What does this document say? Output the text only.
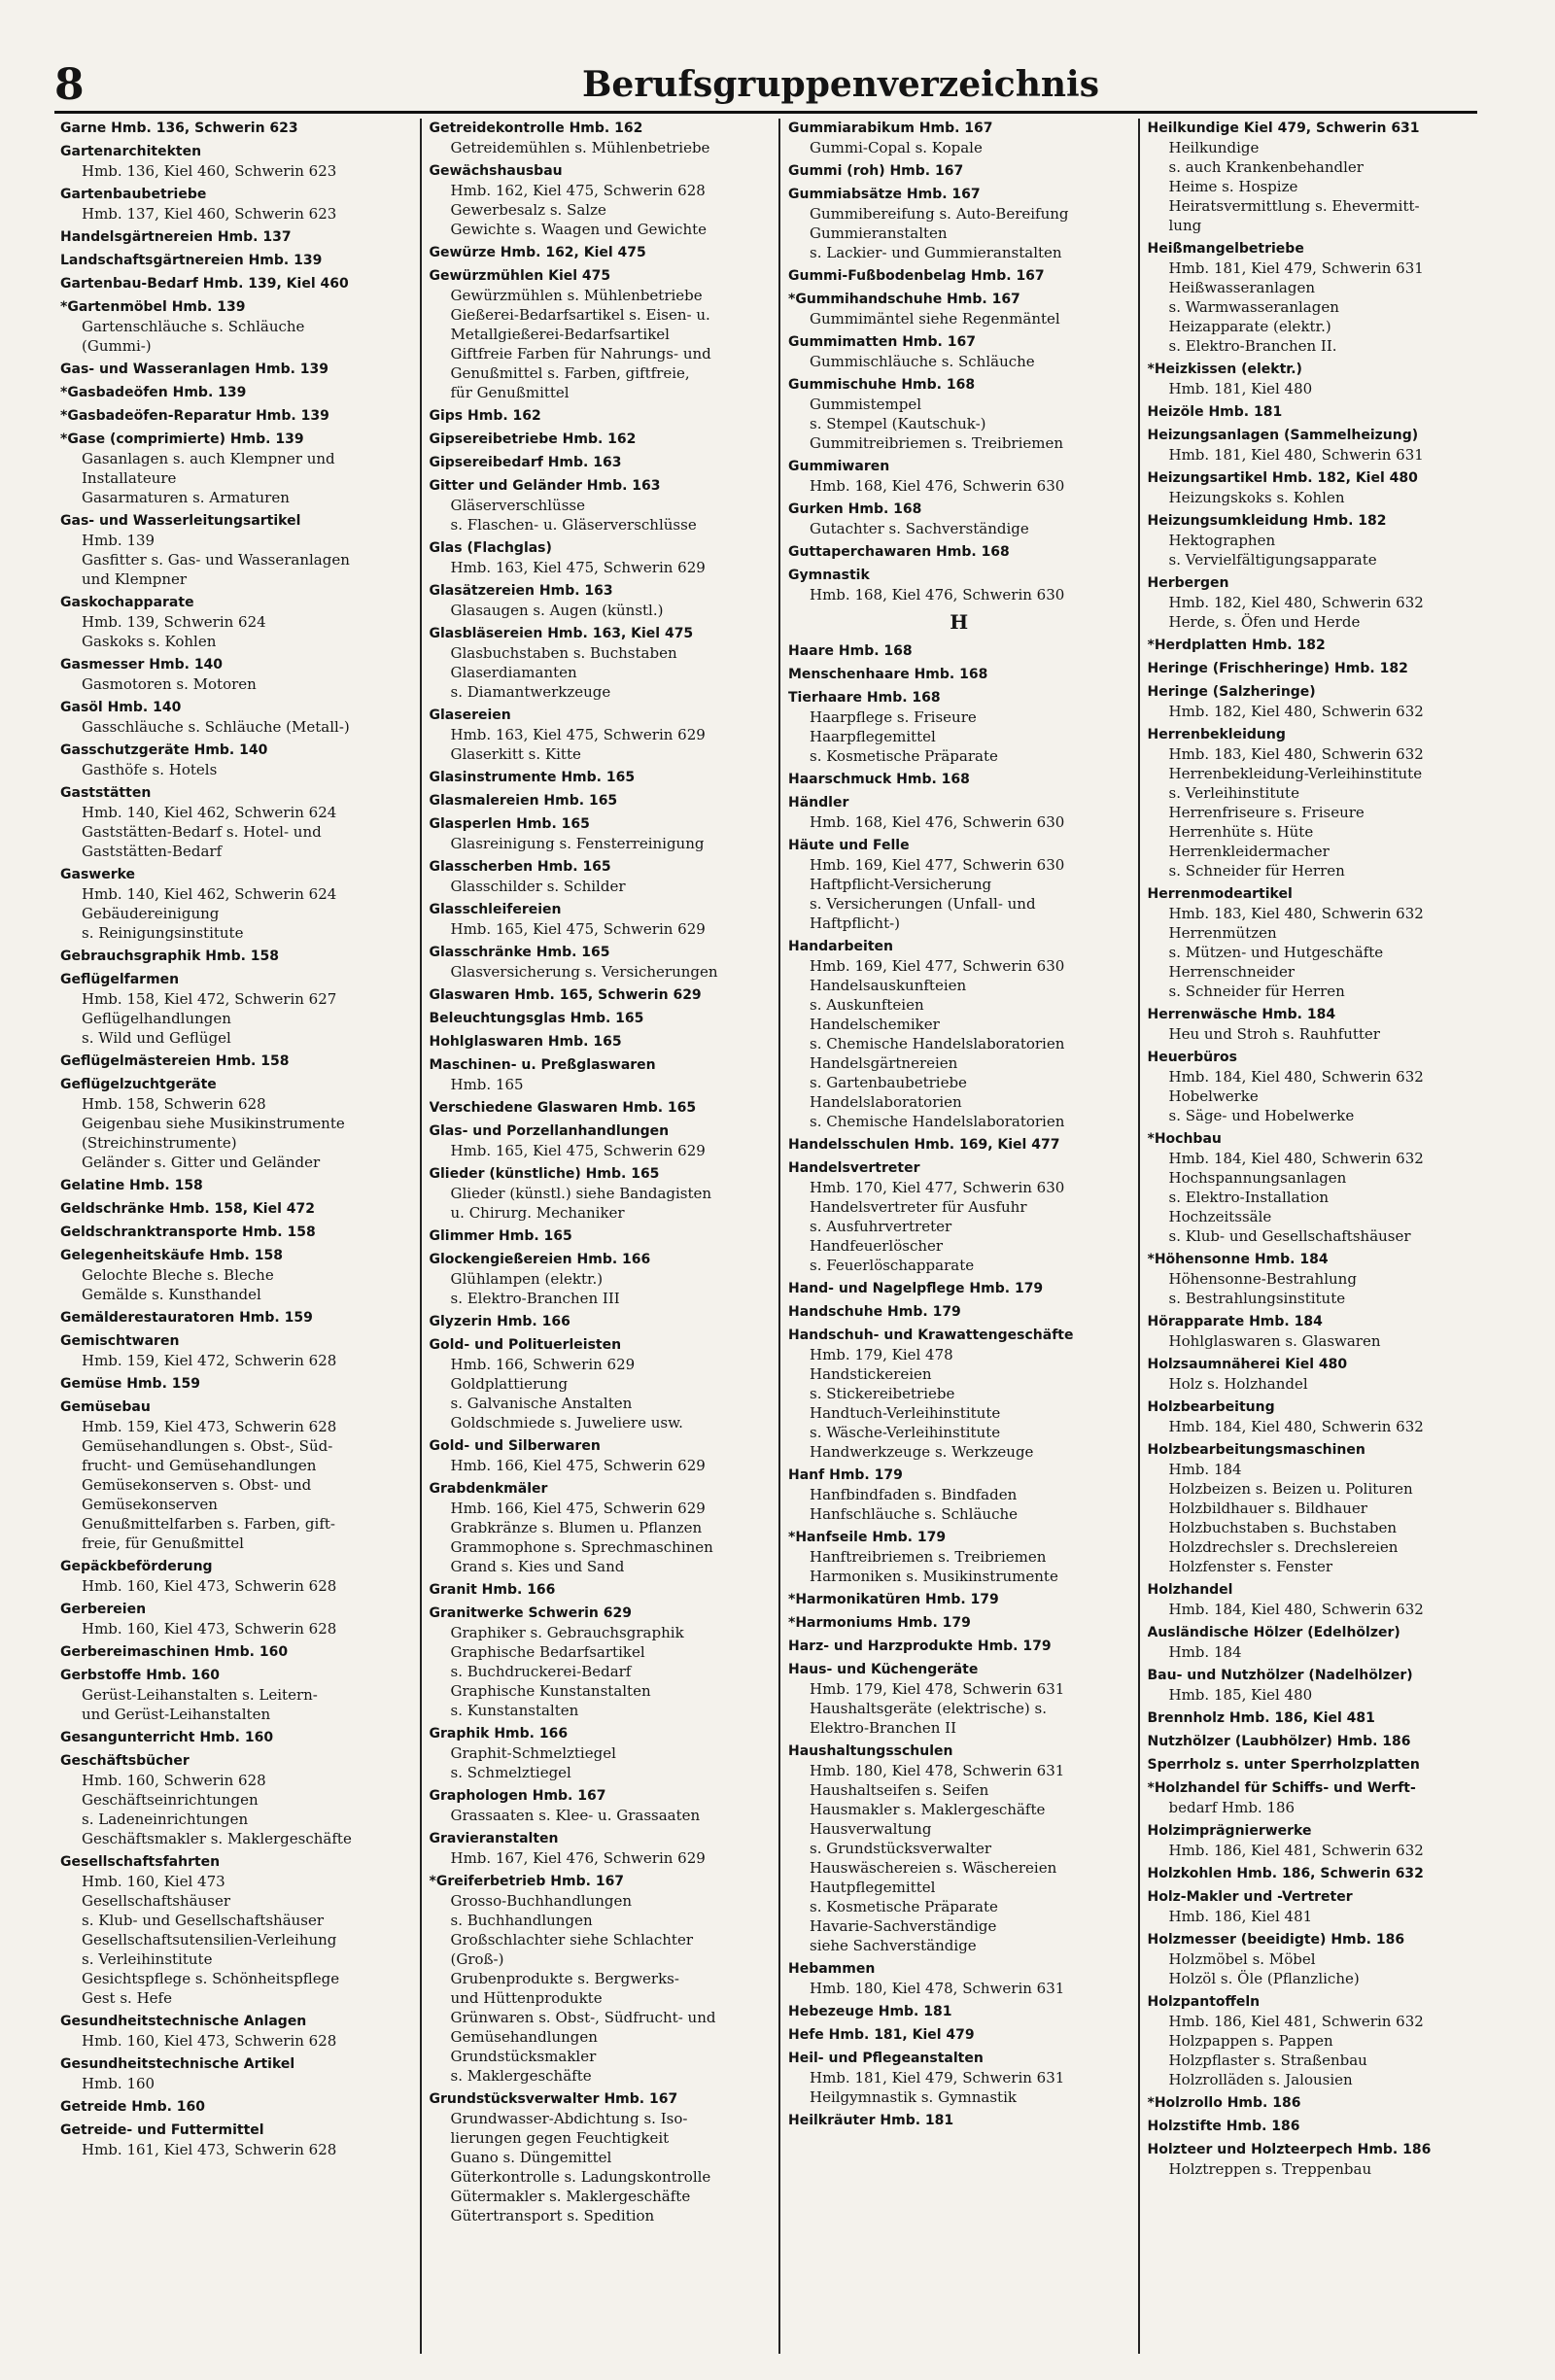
8	Berufsgruppenverzeichnis
Garne Hmb. 136, Schwerin 623
Gartenarchitekten
Hmb. 136, Kiel 460, Schwerin 623
Gartenbaubetriebe
Hmb. 137, Kiel 460, Schwerin 623
Handelsgärtnereien Hmb. 137
Landschaftsgärtnereien Hmb. 139
Gartenbau-Bedarf Hmb. 139, Kiel 460
*Gartenmöbel Hmb. 139
Gartenschläuche s. Schläuche
(Gummi-)
Gas- und Wasseranlagen Hmb. 139
*Gasbadeöfen Hmb. 139
*Gasbadeöfen-Reparatur Hmb. 139
*Gase (comprimierte) Hmb. 139
Gasanlagen s. auch Klempner und
Installateure
Gasarmaturen s. Armaturen
Gas- und Wasserleitungsartikel
Hmb. 139
Gasfitter s. Gas- und Wasseranlagen
und Klempner
Gaskochapparate
Hmb. 139, Schwerin 624
Gaskoks s. Kohlen
Gasmesser Hmb. 140
Gasmotoren s. Motoren
Gasöl Hmb. 140
Gasschläuche s. Schläuche (Metall-)
Gasschutzgeräte Hmb. 140
Gasthöfe s. Hotels
Gaststätten
Hmb. 140, Kiel 462, Schwerin 624
Gaststätten-Bedarf s. Hotel- und
Gaststätten-Bedarf
Gaswerke
Hmb. 140, Kiel 462, Schwerin 624
Gebäudereinigung
s. Reinigungsinstitute
Gebrauchsgraphik Hmb. 158
Geflügelfarmen
Hmb. 158, Kiel 472, Schwerin 627
Geflügelhandlungen
s. Wild und Geflügel
Geflügelmästereien Hmb. 158
Geflügelzuchtgeräte
Hmb. 158, Schwerin 628
Geigenbau siehe Musikinstrumente
(Streichinstrumente)
Geländer s. Gitter und Geländer
Gelatine Hmb. 158
Geldschränke Hmb. 158, Kiel 472
Geldschranktransporte Hmb. 158
Gelegenheitskäufe Hmb. 158
Gelochte Bleche s. Bleche
Gemälde s. Kunsthandel
Gemälderestauratoren Hmb. 159
Gemischtwaren
Hmb. 159, Kiel 472, Schwerin 628
Gemüse Hmb. 159
Gemüsebau
Hmb. 159, Kiel 473, Schwerin 628
Gemüsehandlungen s. Obst-, Süd-
frucht- und Gemüsehandlungen
Gemüsekonserven s. Obst- und
Gemüsekonserven
Genußmittelfarben s. Farben, gift-
freie, für Genußmittel
Gepäckbeförderung
Hmb. 160, Kiel 473, Schwerin 628
Gerbereien
Hmb. 160, Kiel 473, Schwerin 628
Gerbereimaschinen Hmb. 160
Gerbstoffe Hmb. 160
Gerüst-Leihanstalten s. Leitern-
und Gerüst-Leihanstalten
Gesangunterricht Hmb. 160
Geschäftsbücher
Hmb. 160, Schwerin 628
Geschäftseinrichtungen
s. Ladeneinrichtungen
Geschäftsmakler s. Maklergeschäfte
Gesellschaftsfahrten
Hmb. 160, Kiel 473
Gesellschaftshäuser
s. Klub- und Gesellschaftshäuser
Gesellschaftsutensilien-Verleihung
s. Verleihinstitute
Gesichtspflege s. Schönheitspflege
Gest s. Hefe
Gesundheitstechnische Anlagen
Hmb. 160, Kiel 473, Schwerin 628
Gesundheitstechnische Artikel
Hmb. 160
Getreide Hmb. 160
Getreide- und Futtermittel
Hmb. 161, Kiel 473, Schwerin 628
Getreidekontrolle Hmb. 162
Getreidemühlen s. Mühlenbetriebe
Gewächshausbau
Hmb. 162, Kiel 475, Schwerin 628
Gewerbesalz s. Salze
Gewichte s. Waagen und Gewichte
Gewürze Hmb. 162, Kiel 475
Gewürzmühlen Kiel 475
Gewürzmühlen s. Mühlenbetriebe
Gießerei-Bedarfsartikel s. Eisen- u.
Metallgießerei-Bedarfsartikel
Giftfreie Farben für Nahrungs- und
Genußmittel s. Farben, giftfreie,
für Genußmittel
Gips Hmb. 162
Gipsereibetriebe Hmb. 162
Gipsereibedarf Hmb. 163
Gitter und Geländer Hmb. 163
Gläserverschlüsse
s. Flaschen- u. Gläserverschlüsse
Glas (Flachglas)
Hmb. 163, Kiel 475, Schwerin 629
Glasätzereien Hmb. 163
Glasaugen s. Augen (künstl.)
Glasbläsereien Hmb. 163, Kiel 475
Glasbuchstaben s. Buchstaben
Glaserdiamanten
s. Diamantwerkzeuge
Glasereien
Hmb. 163, Kiel 475, Schwerin 629
Glaserkitt s. Kitte
Glasinstrumente Hmb. 165
Glasmalereien Hmb. 165
Glasperlen Hmb. 165
Glasreinigung s. Fensterreinigung
Glasscherben Hmb. 165
Glasschilder s. Schilder
Glasschleifereien
Hmb. 165, Kiel 475, Schwerin 629
Glasschränke Hmb. 165
Glasversicherung s. Versicherungen
Glaswaren Hmb. 165, Schwerin 629
Beleuchtungsglas Hmb. 165
Hohlglaswaren Hmb. 165
Maschinen- u. Preßglaswaren
Hmb. 165
Verschiedene Glaswaren Hmb. 165
Glas- und Porzellanhandlungen
Hmb. 165, Kiel 475, Schwerin 629
Glieder (künstliche) Hmb. 165
Glieder (künstl.) siehe Bandagisten
u. Chirurg. Mechaniker
Glimmer Hmb. 165
Glockengießereien Hmb. 166
Glühlampen (elektr.)
s. Elektro-Branchen III
Glyzerin Hmb. 166
Gold- und Polituerleisten
Hmb. 166, Schwerin 629
Goldplattierung
s. Galvanische Anstalten
Goldschmiede s. Juweliere usw.
Gold- und Silberwaren
Hmb. 166, Kiel 475, Schwerin 629
Grabdenkmäler
Hmb. 166, Kiel 475, Schwerin 629
Grabkränze s. Blumen u. Pflanzen
Grammophone s. Sprechmaschinen
Grand s. Kies und Sand
Granit Hmb. 166
Granitwerke Schwerin 629
Graphiker s. Gebrauchsgraphik
Graphische Bedarfsartikel
s. Buchdruckerei-Bedarf
Graphische Kunstanstalten
s. Kunstanstalten
Graphik Hmb. 166
Graphit-Schmelztiegel
s. Schmelztiegel
Graphologen Hmb. 167
Grassaaten s. Klee- u. Grassaaten
Gravieranstalten
Hmb. 167, Kiel 476, Schwerin 629
*Greiferbetrieb Hmb. 167
Grosso-Buchhandlungen
s. Buchhandlungen
Großschlachter siehe Schlachter
(Groß-)
Grubenprodukte s. Bergwerks-
und Hüttenprodukte
Grünwaren s. Obst-, Südfrucht- und
Gemüsehandlungen
Grundstücksmakler
s. Maklergeschäfte
Grundstücksverwalter Hmb. 167
Grundwasser-Abdichtung s. Iso-
lierungen gegen Feuchtigkeit
Guano s. Düngemittel
Güterkontrolle s. Ladungskontrolle
Gütermakler s. Maklergeschäfte
Gütertransport s. Spedition
Gummiarabikum Hmb. 167
Gummi-Copal s. Kopale
Gummi (roh) Hmb. 167
Gummiabsätze Hmb. 167
Gummibereifung s. Auto-Bereifung
Gummieranstalten
s. Lackier- und Gummieranstalten
Gummi-Fußbodenbelag Hmb. 167
*Gummihandschuhe Hmb. 167
Gummimäntel siehe Regenmäntel
Gummimatten Hmb. 167
Gummischläuche s. Schläuche
Gummischuhe Hmb. 168
Gummistempel
s. Stempel (Kautschuk-)
Gummitreibriemen s. Treibriemen
Gummiwaren
Hmb. 168, Kiel 476, Schwerin 630
Gurken Hmb. 168
Gutachter s. Sachverständige
Guttaperchawaren Hmb. 168
Gymnastik
Hmb. 168, Kiel 476, Schwerin 630
H
Haare Hmb. 168
Menschenhaare Hmb. 168
Tierhaare Hmb. 168
Haarpflege s. Friseure
Haarpflegemittel
s. Kosmetische Präparate
Haarschmuck Hmb. 168
Händler
Hmb. 168, Kiel 476, Schwerin 630
Häute und Felle
Hmb. 169, Kiel 477, Schwerin 630
Haftpflicht-Versicherung
s. Versicherungen (Unfall- und
Haftpflicht-)
Handarbeiten
Hmb. 169, Kiel 477, Schwerin 630
Handelsauskunfteien
s. Auskunfteien
Handelschemiker
s. Chemische Handelslaboratorien
Handelsgärtnereien
s. Gartenbaubetriebe
Handelslaboratorien
s. Chemische Handelslaboratorien
Handelsschulen Hmb. 169, Kiel 477
Handelsvertreter
Hmb. 170, Kiel 477, Schwerin 630
Handelsvertreter für Ausfuhr
s. Ausfuhrvertreter
Handfeuerlöscher
s. Feuerlöschapparate
Hand- und Nagelpflege Hmb. 179
Handschuhe Hmb. 179
Handschuh- und Krawattengeschäfte
Hmb. 179, Kiel 478
Handstickereien
s. Stickereibetriebe
Handtuch-Verleihinstitute
s. Wäsche-Verleihinstitute
Handwerkzeuge s. Werkzeuge
Hanf Hmb. 179
Hanfbindfaden s. Bindfaden
Hanfschläuche s. Schläuche
*Hanfseile Hmb. 179
Hanftreibriemen s. Treibriemen
Harmoniken s. Musikinstrumente
*Harmonikatüren Hmb. 179
*Harmoniums Hmb. 179
Harz- und Harzprodukte Hmb. 179
Haus- und Küchengeräte
Hmb. 179, Kiel 478, Schwerin 631
Haushaltsgeräte (elektrische) s.
Elektro-Branchen II
Haushaltungsschulen
Hmb. 180, Kiel 478, Schwerin 631
Haushaltseifen s. Seifen
Hausmakler s. Maklergeschäfte
Hausverwaltung
s. Grundstücksverwalter
Hauswäschereien s. Wäschereien
Hautpflegemittel
s. Kosmetische Präparate
Havarie-Sachverständige
siehe Sachverständige
Hebammen
Hmb. 180, Kiel 478, Schwerin 631
Hebezeuge Hmb. 181
Hefe Hmb. 181, Kiel 479
Heil- und Pflegeanstalten
Hmb. 181, Kiel 479, Schwerin 631
Heilgymnastik s. Gymnastik
Heilkräuter Hmb. 181
Heilkundige Kiel 479, Schwerin 631
Heilkundige
s. auch Krankenbehandler
Heime s. Hospize
Heiratsvermittlung s. Ehevermitt-
lung
Heißmangelbetriebe
Hmb. 181, Kiel 479, Schwerin 631
Heißwasseranlagen
s. Warmwasseranlagen
Heizapparate (elektr.)
s. Elektro-Branchen II.
*Heizkissen (elektr.)
Hmb. 181, Kiel 480
Heizöle Hmb. 181
Heizungsanlagen (Sammelheizung)
Hmb. 181, Kiel 480, Schwerin 631
Heizungsartikel Hmb. 182, Kiel 480
Heizungskoks s. Kohlen
Heizungsumkleidung Hmb. 182
Hektographen
s. Vervielfältigungsapparate
Herbergen
Hmb. 182, Kiel 480, Schwerin 632
Herde, s. Öfen und Herde
*Herdplatten Hmb. 182
Heringe (Frischheringe) Hmb. 182
Heringe (Salzheringe)
Hmb. 182, Kiel 480, Schwerin 632
Herrenbekleidung
Hmb. 183, Kiel 480, Schwerin 632
Herrenbekleidung-Verleihinstitute
s. Verleihinstitute
Herrenfriseure s. Friseure
Herrenhüte s. Hüte
Herrenkleidermacher
s. Schneider für Herren
Herrenmodeartikel
Hmb. 183, Kiel 480, Schwerin 632
Herrenmützen
s. Mützen- und Hutgeschäfte
Herrenschneider
s. Schneider für Herren
Herrenwäsche Hmb. 184
Heu und Stroh s. Rauhfutter
Heuerbüros
Hmb. 184, Kiel 480, Schwerin 632
Hobelwerke
s. Säge- und Hobelwerke
*Hochbau
Hmb. 184, Kiel 480, Schwerin 632
Hochspannungsanlagen
s. Elektro-Installation
Hochzeitssäle
s. Klub- und Gesellschaftshäuser
*Höhensonne Hmb. 184
Höhensonne-Bestrahlung
s. Bestrahlungsinstitute
Hörapparate Hmb. 184
Hohlglaswaren s. Glaswaren
Holzsaumnäherei Kiel 480
Holz s. Holzhandel
Holzbearbeitung
Hmb. 184, Kiel 480, Schwerin 632
Holzbearbeitungsmaschinen
Hmb. 184
Holzbeizen s. Beizen u. Polituren
Holzbildhauer s. Bildhauer
Holzbuchstaben s. Buchstaben
Holzdrechsler s. Drechslereien
Holzfenster s. Fenster
Holzhandel
Hmb. 184, Kiel 480, Schwerin 632
Ausländische Hölzer (Edelhölzer)
Hmb. 184
Bau- und Nutzhölzer (Nadelhölzer)
Hmb. 185, Kiel 480
Brennholz Hmb. 186, Kiel 481
Nutzhölzer (Laubhölzer) Hmb. 186
Sperrholz s. unter Sperrholzplatten
*Holzhandel für Schiffs- und Werft-
bedarf Hmb. 186
Holzimprägnierwerke
Hmb. 186, Kiel 481, Schwerin 632
Holzkohlen Hmb. 186, Schwerin 632
Holz-Makler und -Vertreter
Hmb. 186, Kiel 481
Holzmesser (beeidigte) Hmb. 186
Holzmöbel s. Möbel
Holzöl s. Öle (Pflanzliche)
Holzpantoffeln
Hmb. 186, Kiel 481, Schwerin 632
Holzpappen s. Pappen
Holzpflaster s. Straßenbau
Holzrolläden s. Jalousien
*Holzrollo Hmb. 186
Holzstifte Hmb. 186
Holzteer und Holzteerpech Hmb. 186
Holztreppen s. Treppenbau
